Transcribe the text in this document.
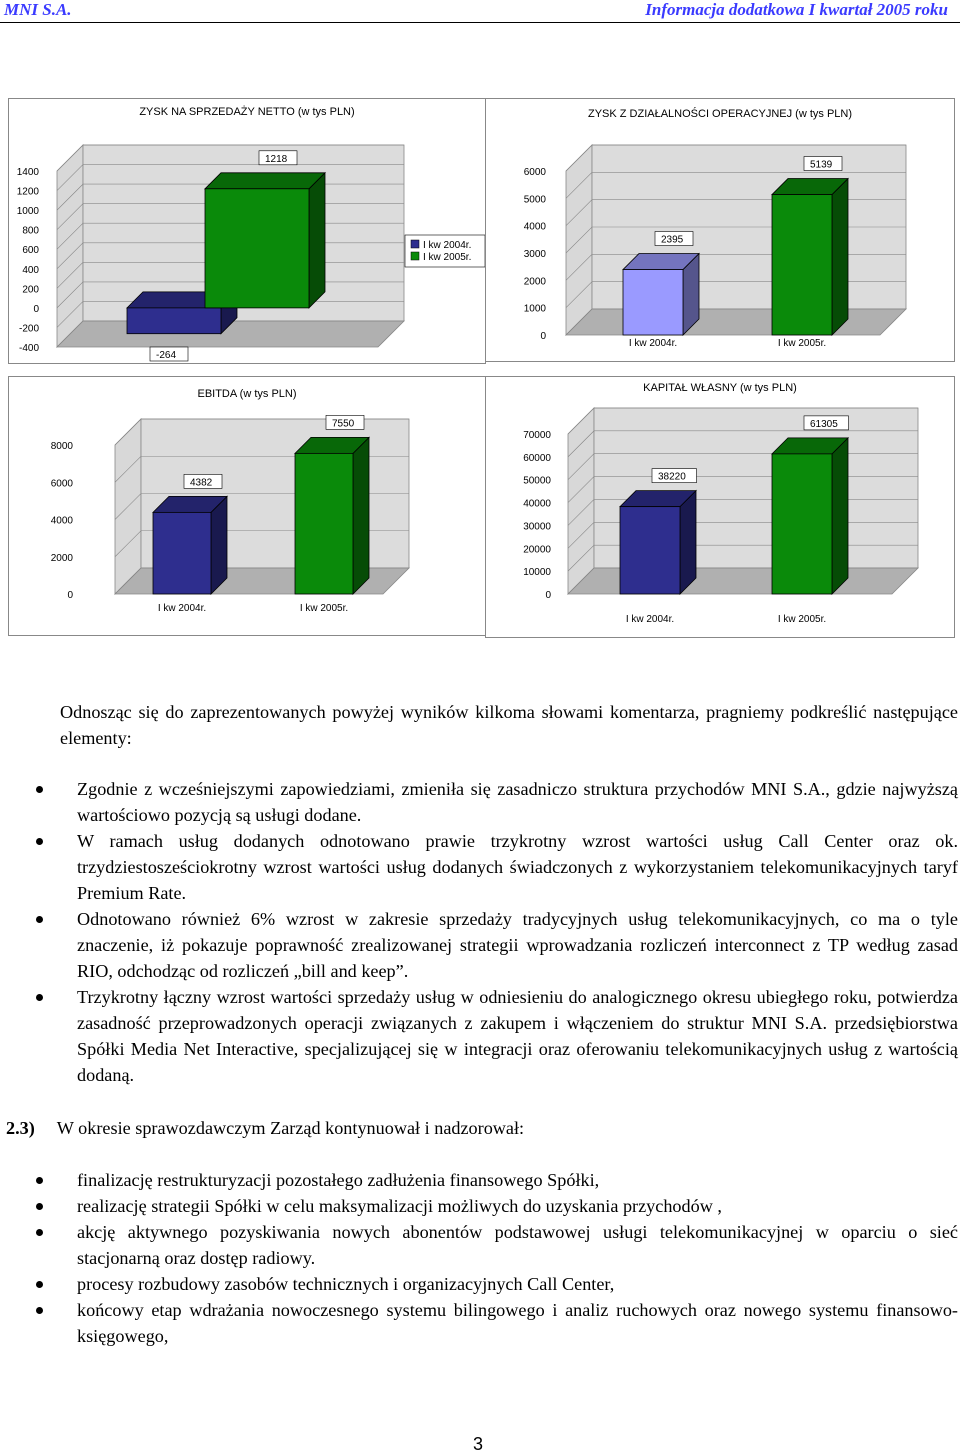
MNI S.A.	Informacja dodatkowa I kwartał 2005 roku
ZYSK NA SPRZEDAŻY NETTO (w tys PLN)
1400
1200
1000
800
600
400
200
0
-200
-400
-264
1218
I kw 2004r.
I kw 2005r.
ZYSK Z DZIAŁALNOŚCI OPERACYJNEJ (w tys PLN)
6000
5000
4000
3000
2000
1000
0
2395
5139
I kw 2004r.	I kw 2005r.
EBITDA (w tys PLN)
8000
6000
4000
2000
0
4382
7550
I kw 2004r.	I kw 2005r.
KAPITAŁ WŁASNY (w tys PLN)
70000
60000
50000
40000
30000
20000
10000
0
38220
61305
I kw 2004r.	I kw 2005r.
Odnosząc się do zaprezentowanych powyżej wyników kilkoma słowami komentarza, pragniemy podkreślić następujące elementy:
Zgodnie z wcześniejszymi zapowiedziami, zmieniła się zasadniczo struktura przychodów MNI S.A., gdzie najwyższą wartościowo pozycją są usługi dodane.
W ramach usług dodanych odnotowano prawie trzykrotny wzrost wartości usług Call Center oraz ok. trzydziestosześciokrotny wzrost wartości usług dodanych świadczonych z wykorzystaniem telekomunikacyjnych taryf Premium Rate.
Odnotowano również 6% wzrost w zakresie sprzedaży tradycyjnych usług telekomunikacyjnych, co ma o tyle znaczenie, iż pokazuje poprawność zrealizowanej strategii wprowadzania rozliczeń interconnect z TP według zasad RIO, odchodząc od rozliczeń „bill and keep”.
Trzykrotny łączny wzrost wartości sprzedaży usług w odniesieniu do analogicznego okresu ubiegłego roku, potwierdza zasadność przeprowadzonych operacji związanych z zakupem i włączeniem do struktur MNI S.A. przedsiębiorstwa Spółki Media Net Interactive, specjalizującej się w integracji oraz oferowaniu telekomunikacyjnych usług z wartością dodaną.
2.3) W okresie sprawozdawczym Zarząd kontynuował i nadzorował:
finalizację restrukturyzacji pozostałego zadłużenia finansowego Spółki,
realizację strategii Spółki w celu maksymalizacji możliwych do uzyskania przychodów ,
akcję aktywnego pozyskiwania nowych abonentów podstawowej usługi telekomunikacyjnej w oparciu o sieć stacjonarną oraz dostęp radiowy.
procesy rozbudowy zasobów technicznych i organizacyjnych Call Center,
końcowy etap wdrażania nowoczesnego systemu bilingowego i analiz ruchowych oraz nowego systemu finansowo-księgowego,
3
